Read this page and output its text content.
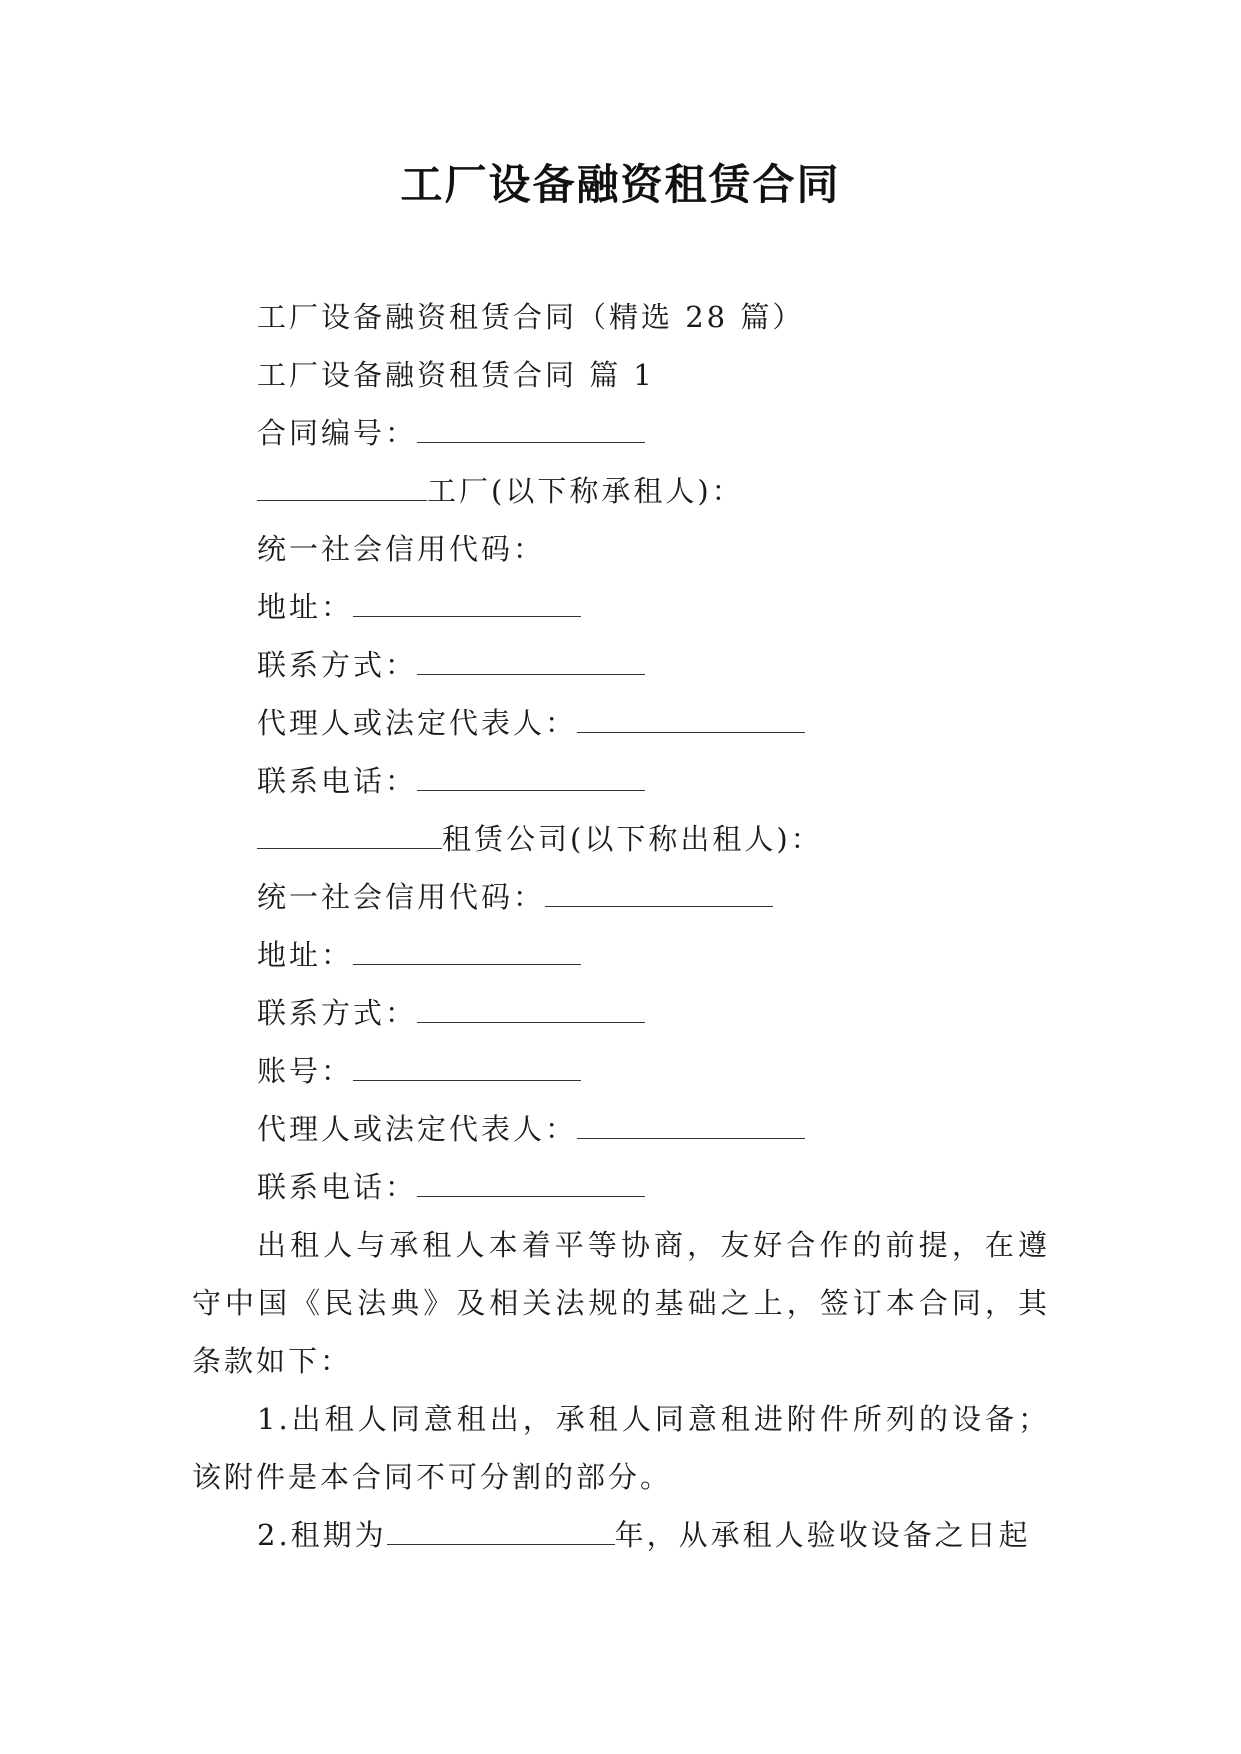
工厂设备融资租赁合同
工厂设备融资租赁合同（精选 28 篇）
工厂设备融资租赁合同 篇 1
合同编号：
工厂(以下称承租人)：
统一社会信用代码：
地址：
联系方式：
代理人或法定代表人：
联系电话：
租赁公司(以下称出租人)：
统一社会信用代码：
地址：
联系方式：
账号：
代理人或法定代表人：
联系电话：
出租人与承租人本着平等协商，友好合作的前提，在遵守中国《民法典》及相关法规的基础之上，签订本合同，其条款如下：
1.出租人同意租出，承租人同意租进附件所列的设备；该附件是本合同不可分割的部分。
2.租期为	年，从承租人验收设备之日起
